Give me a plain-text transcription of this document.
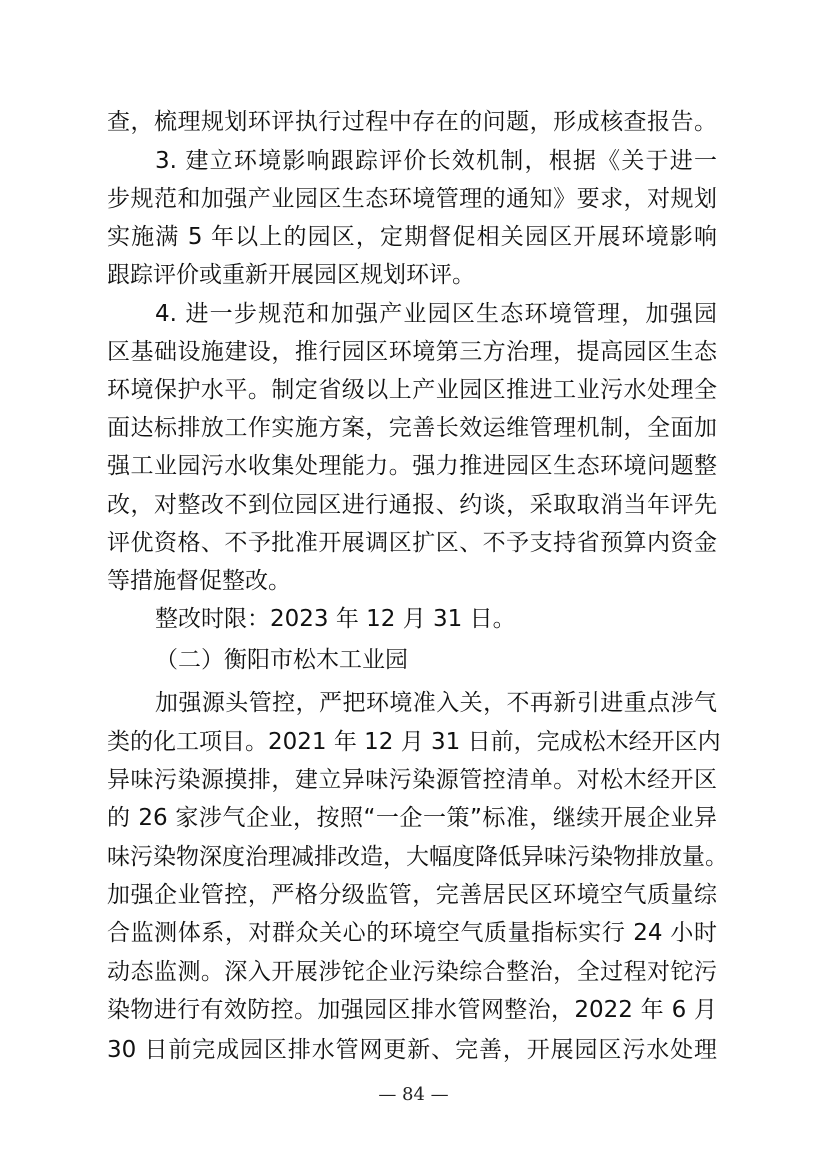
查，梳理规划环评执行过程中存在的问题，形成核查报告。
3. 建立环境影响跟踪评价长效机制，根据《关于进一
步规范和加强产业园区生态环境管理的通知》要求，对规划
实施满 5 年以上的园区，定期督促相关园区开展环境影响
跟踪评价或重新开展园区规划环评。
4. 进一步规范和加强产业园区生态环境管理，加强园
区基础设施建设，推行园区环境第三方治理，提高园区生态
环境保护水平。制定省级以上产业园区推进工业污水处理全
面达标排放工作实施方案，完善长效运维管理机制，全面加
强工业园污水收集处理能力。强力推进园区生态环境问题整
改，对整改不到位园区进行通报、约谈，采取取消当年评先
评优资格、不予批准开展调区扩区、不予支持省预算内资金
等措施督促整改。
整改时限：2023 年 12 月 31 日。
（二）衡阳市松木工业园
加强源头管控，严把环境准入关，不再新引进重点涉气
类的化工项目。2021 年 12 月 31 日前，完成松木经开区内
异味污染源摸排，建立异味污染源管控清单。对松木经开区
的 26 家涉气企业，按照“一企一策”标准，继续开展企业异
味污染物深度治理减排改造，大幅度降低异味污染物排放量。
加强企业管控，严格分级监管，完善居民区环境空气质量综
合监测体系，对群众关心的环境空气质量指标实行 24 小时
动态监测。深入开展涉铊企业污染综合整治，全过程对铊污
染物进行有效防控。加强园区排水管网整治，2022 年 6 月
30 日前完成园区排水管网更新、完善，开展园区污水处理
— 84 —
